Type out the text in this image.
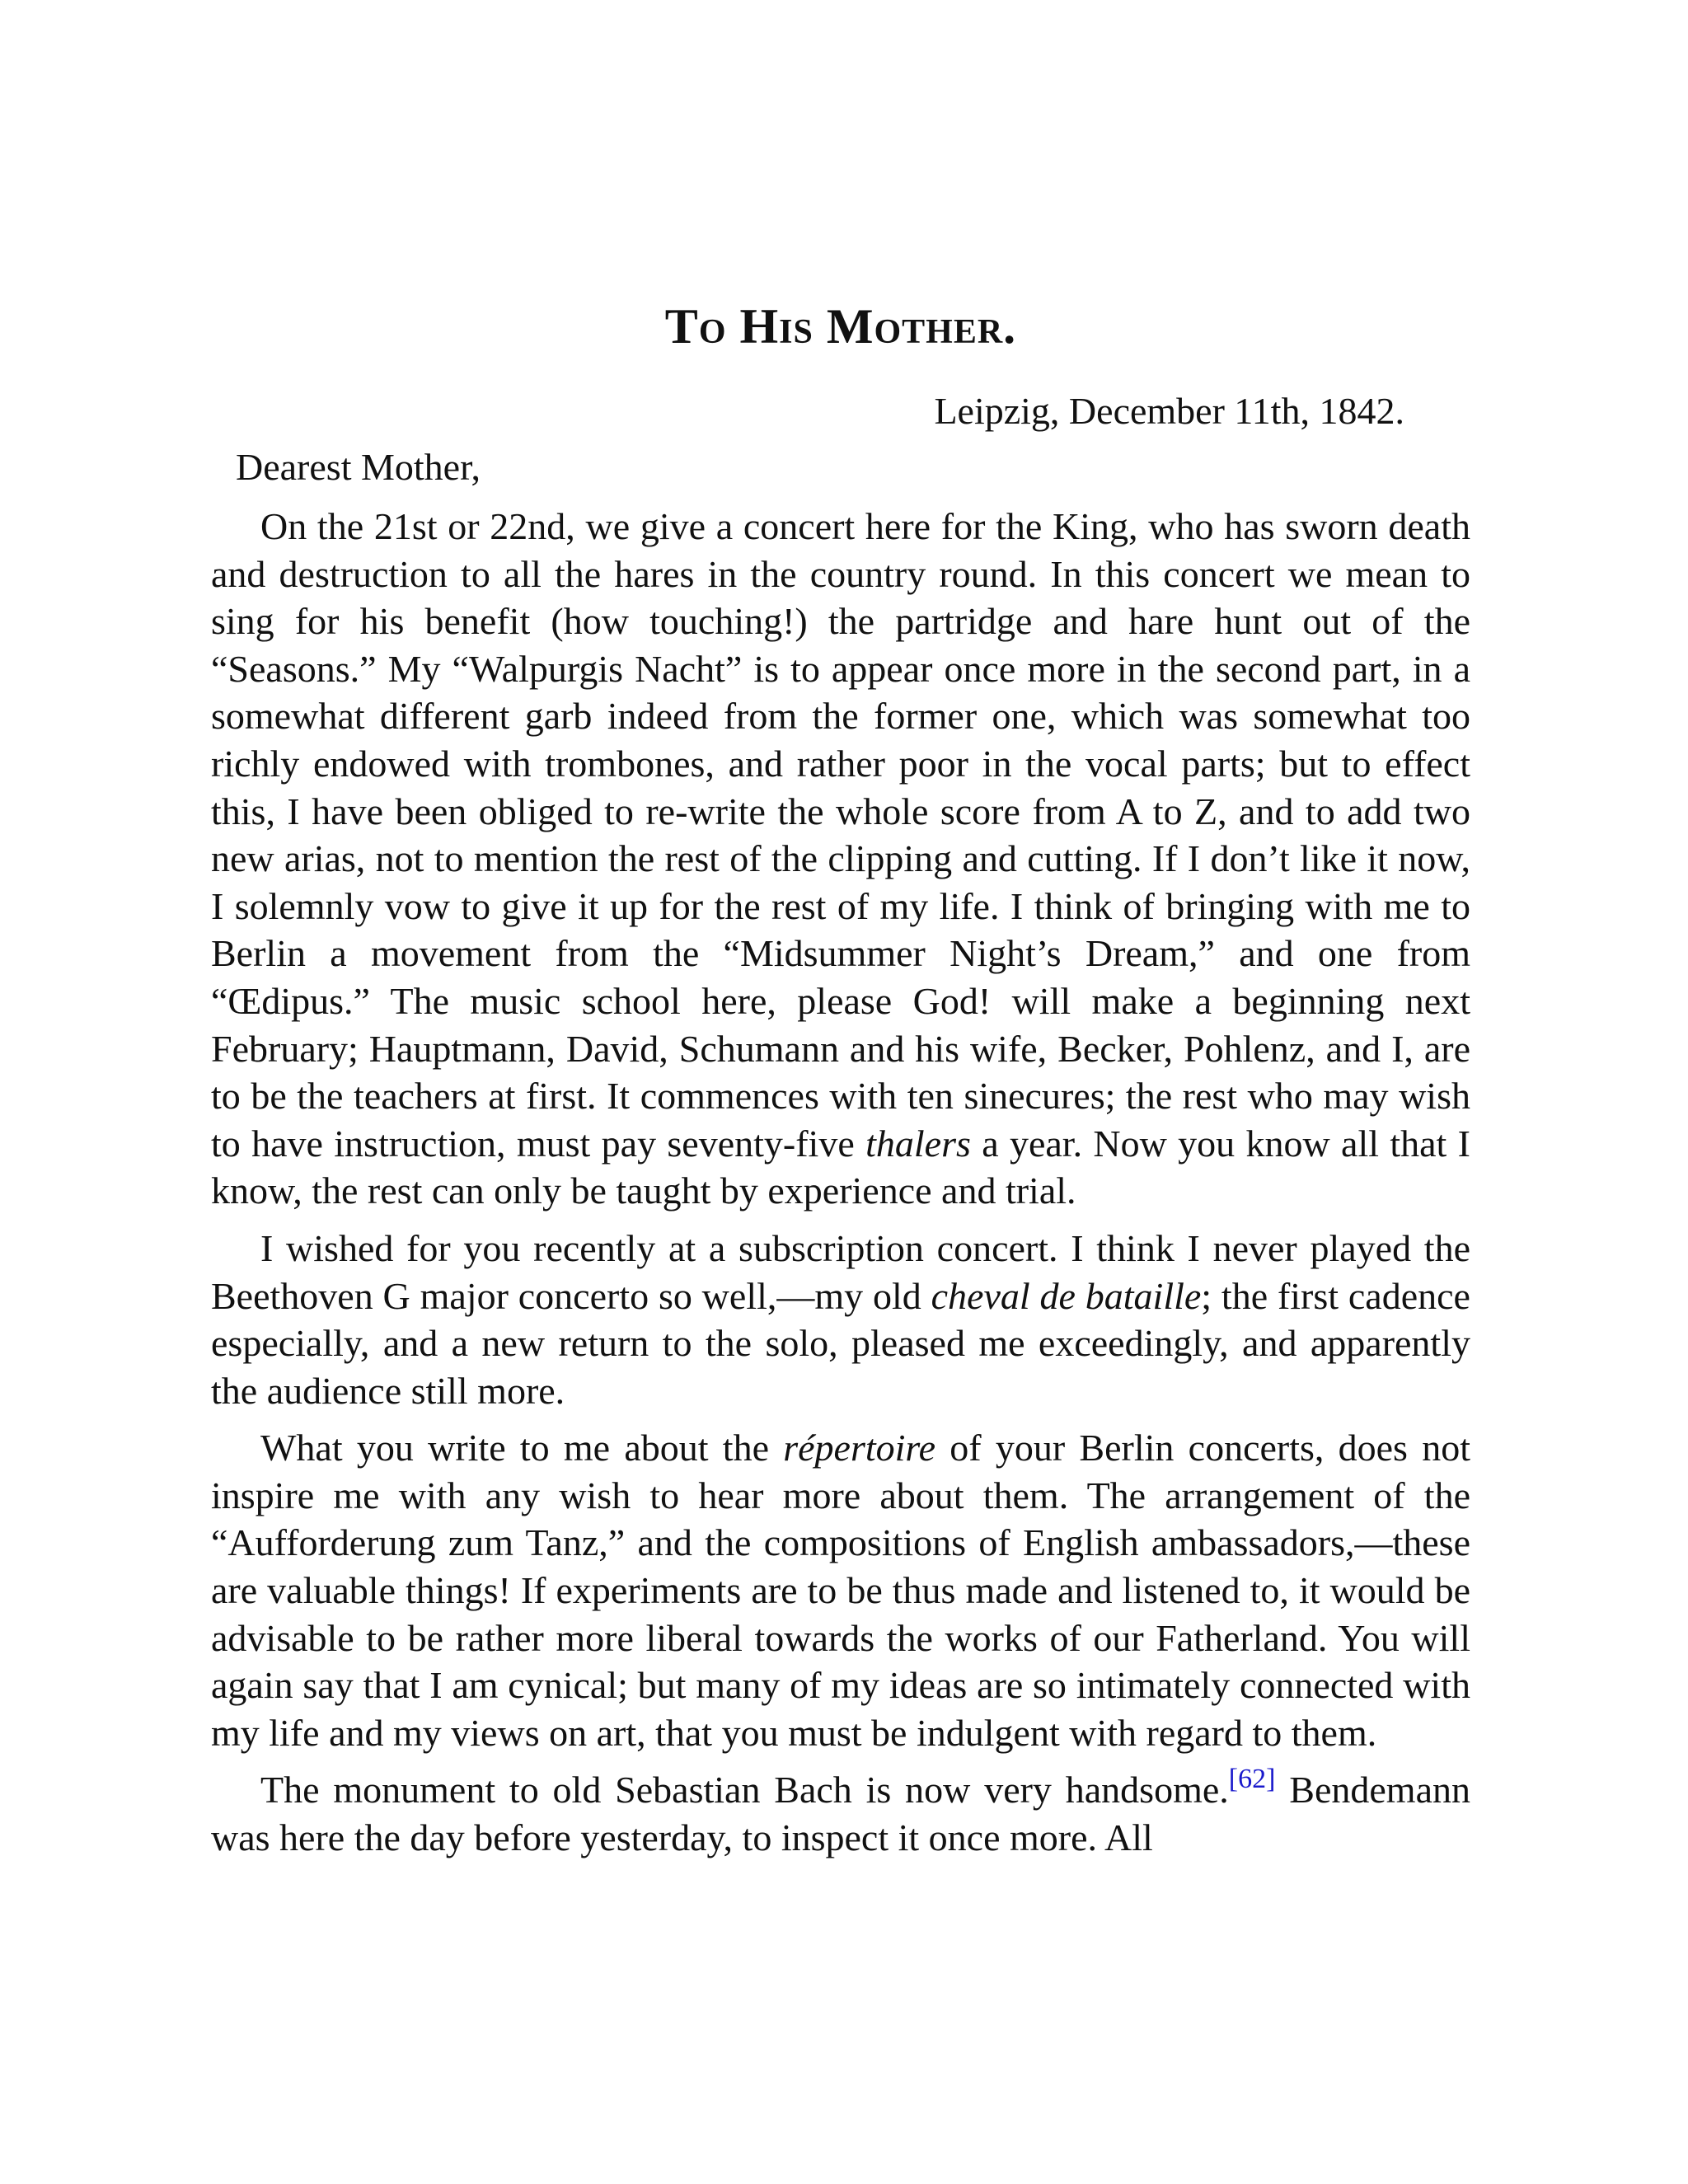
To His Mother.

Leipzig, December 11th, 1842.

Dearest Mother,

On the 21st or 22nd, we give a concert here for the King, who has sworn death and destruction to all the hares in the country round. In this concert we mean to sing for his benefit (how touching!) the partridge and hare hunt out of the “Seasons.” My “Walpurgis Nacht” is to appear once more in the second part, in a somewhat different garb indeed from the former one, which was somewhat too richly endowed with trombones, and rather poor in the vocal parts; but to effect this, I have been obliged to re-write the whole score from A to Z, and to add two new arias, not to mention the rest of the clipping and cutting. If I don’t like it now, I solemnly vow to give it up for the rest of my life. I think of bringing with me to Berlin a movement from the “Midsummer Night’s Dream,” and one from “Œdipus.” The music school here, please God! will make a beginning next February; Hauptmann, David, Schumann and his wife, Becker, Pohlenz, and I, are to be the teachers at first. It commences with ten sinecures; the rest who may wish to have instruction, must pay seventy-five thalers a year. Now you know all that I know, the rest can only be taught by experience and trial.

I wished for you recently at a subscription concert. I think I never played the Beethoven G major concerto so well,—my old cheval de bataille; the first cadence especially, and a new return to the solo, pleased me exceedingly, and apparently the audience still more.

What you write to me about the répertoire of your Berlin concerts, does not inspire me with any wish to hear more about them. The arrangement of the “Aufforderung zum Tanz,” and the compositions of English ambassadors,—these are valuable things! If experiments are to be thus made and listened to, it would be advisable to be rather more liberal towards the works of our Fatherland. You will again say that I am cynical; but many of my ideas are so intimately connected with my life and my views on art, that you must be indulgent with regard to them.

The monument to old Sebastian Bach is now very handsome.[62] Bendemann was here the day before yesterday, to inspect it once more. All
